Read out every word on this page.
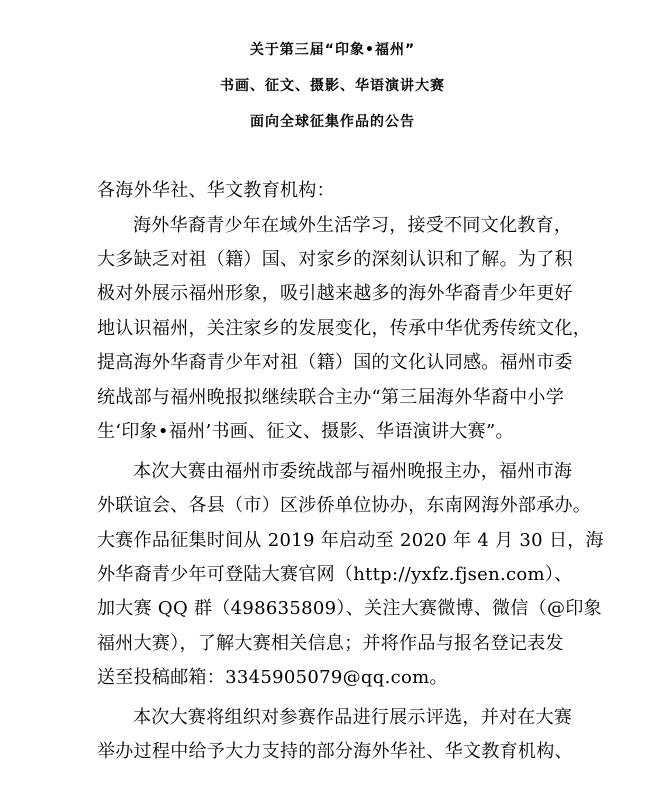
关于第三届“印象•福州”
书画、征文、摄影、华语演讲大赛
面向全球征集作品的公告
各海外华社、华文教育机构：
海外华裔青少年在域外生活学习，接受不同文化教育，
大多缺乏对祖（籍）国、对家乡的深刻认识和了解。为了积
极对外展示福州形象，吸引越来越多的海外华裔青少年更好
地认识福州，关注家乡的发展变化，传承中华优秀传统文化，
提高海外华裔青少年对祖（籍）国的文化认同感。福州市委
统战部与福州晚报拟继续联合主办“第三届海外华裔中小学
生‘印象•福州’书画、征文、摄影、华语演讲大赛”。
本次大赛由福州市委统战部与福州晚报主办，福州市海
外联谊会、各县（市）区涉侨单位协办，东南网海外部承办。
大赛作品征集时间从 2019 年启动至 2020 年 4 月 30 日，海
外华裔青少年可登陆大赛官网（http://yxfz.fjsen.com）、
加大赛 QQ 群（498635809）、关注大赛微博、微信（@印象
福州大赛），了解大赛相关信息；并将作品与报名登记表发
送至投稿邮箱：3345905079@qq.com。
本次大赛将组织对参赛作品进行展示评选，并对在大赛
举办过程中给予大力支持的部分海外华社、华文教育机构、
